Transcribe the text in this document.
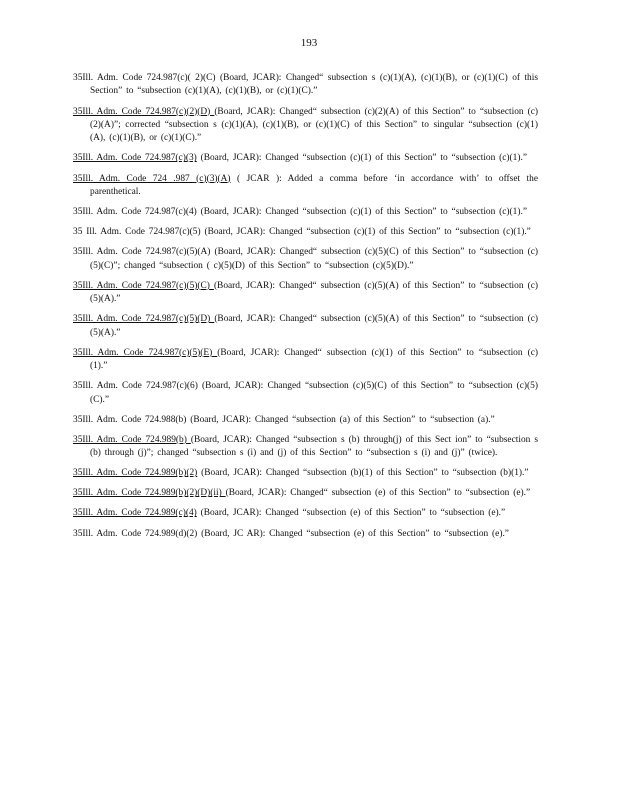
193

35Ill. Adm. Code 724.987(c)( 2)(C) (Board, JCAR): Changed“ subsection s (c)(1)(A), (c)(1)(B), or (c)(1)(C) of this Section” to “subsection (c)(1)(A), (c)(1)(B), or (c)(1)(C).”

35Ill. Adm. Code 724.987(c)(2)(D) (Board, JCAR): Changed“ subsection (c)(2)(A) of this Section” to “subsection (c)(2)(A)”; corrected “subsection s (c)(1)(A), (c)(1)(B), or (c)(1)(C) of this Section” to singular “subsection (c)(1)(A), (c)(1)(B), or (c)(1)(C).”

35Ill. Adm. Code 724.987(c)(3) (Board, JCAR): Changed “subsection (c)(1) of this Section” to “subsection (c)(1).”

35Ill. Adm. Code 724 .987 (c)(3)(A) ( JCAR ): Added a comma before ‘in accordance with’ to offset the parenthetical.

35Ill. Adm. Code 724.987(c)(4) (Board, JCAR): Changed “subsection (c)(1) of this Section” to “subsection (c)(1).”

35 Ill. Adm. Code 724.987(c)(5) (Board, JCAR): Changed “subsection (c)(1) of this Section” to “subsection (c)(1).”

35Ill. Adm. Code 724.987(c)(5)(A) (Board, JCAR): Changed“ subsection (c)(5)(C) of this Section” to “subsection (c)(5)(C)”; changed “subsection ( c)(5)(D) of this Section” to “subsection (c)(5)(D).”

35Ill. Adm. Code 724.987(c)(5)(C) (Board, JCAR): Changed“ subsection (c)(5)(A) of this Section” to “subsection (c)(5)(A).”

35Ill. Adm. Code 724.987(c)(5)(D) (Board, JCAR): Changed“ subsection (c)(5)(A) of this Section” to “subsection (c)(5)(A).”

35Ill. Adm. Code 724.987(c)(5)(E) (Board, JCAR): Changed“ subsection (c)(1) of this Section” to “subsection (c)(1).”

35Ill. Adm. Code 724.987(c)(6) (Board, JCAR): Changed “subsection (c)(5)(C) of this Section” to “subsection (c)(5)(C).”

35Ill. Adm. Code 724.988(b) (Board, JCAR): Changed “subsection (a) of this Section” to “subsection (a).”

35Ill. Adm. Code 724.989(b) (Board, JCAR): Changed “subsection s (b) through(j) of this Sect ion” to “subsection s (b) through (j)”; changed “subsection s (i) and (j) of this Section” to “subsection s (i) and (j)” (twice).

35Ill. Adm. Code 724.989(b)(2) (Board, JCAR): Changed “subsection (b)(1) of this Section” to “subsection (b)(1).”

35Ill. Adm. Code 724.989(b)(2)(D)(ii) (Board, JCAR): Changed“ subsection (e) of this Section” to “subsection (e).”

35Ill. Adm. Code 724.989(c)(4) (Board, JCAR): Changed “subsection (e) of this Section” to “subsection (e).”

35Ill. Adm. Code 724.989(d)(2) (Board, JC AR): Changed “subsection (e) of this Section” to “subsection (e).”
